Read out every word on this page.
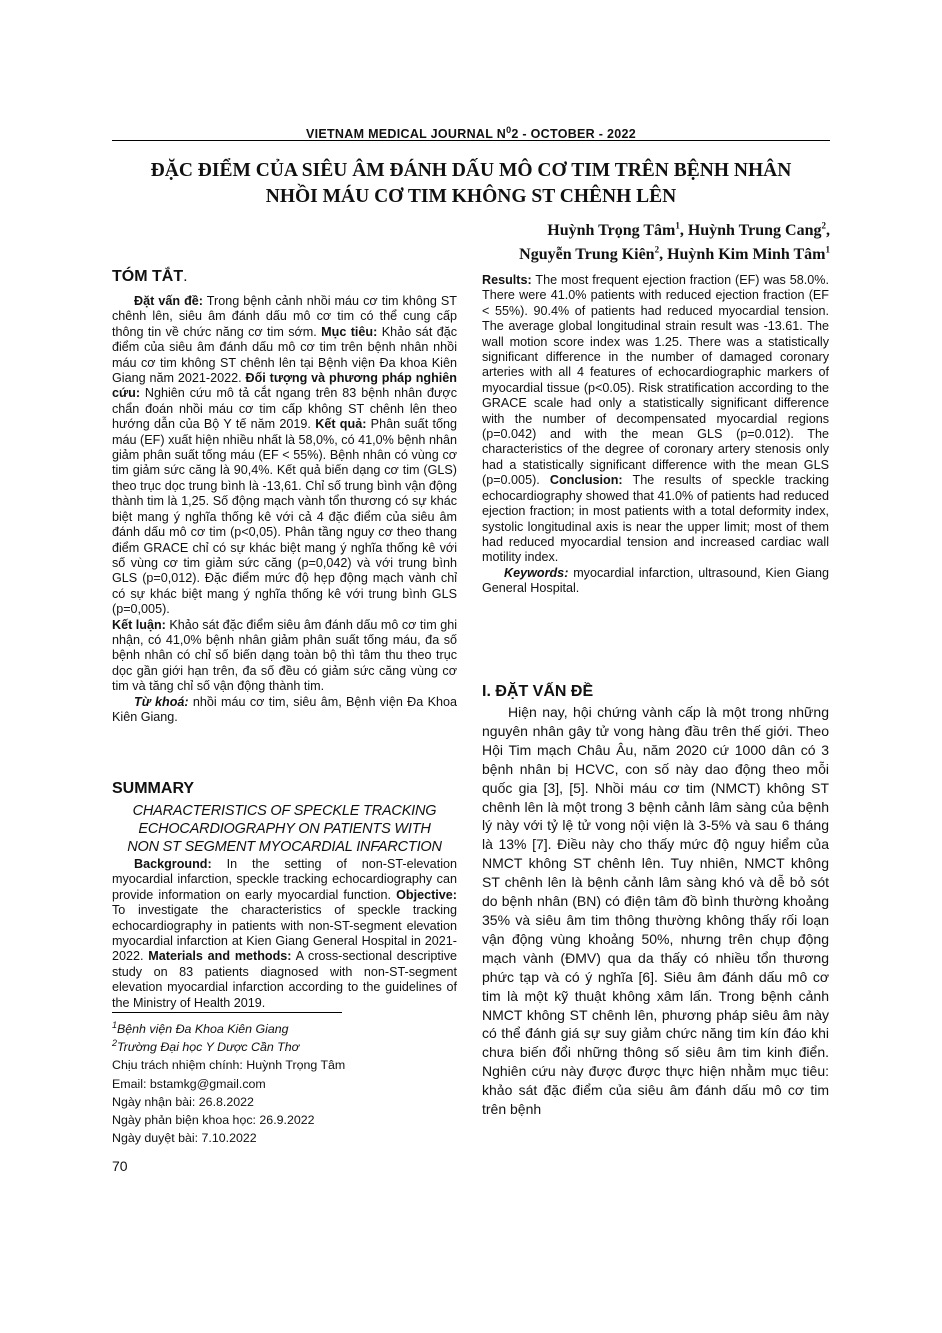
VIETNAM MEDICAL JOURNAL $N^02$ - OCTOBER - 2022
ĐẶC ĐIỂM CỦA SIÊU ÂM ĐÁNH DẤU MÔ CƠ TIM TRÊN BỆNH NHÂN
NHỒI MÁU CƠ TIM KHÔNG ST CHÊNH LÊN
Huỳnh Trọng Tâm$^1$, Huỳnh Trung Cang$^2$,
Nguyễn Trung Kiên$^2$, Huỳnh Kim Minh Tâm$^1$
TÓM TẮT.

Đặt vấn đề: Trong bệnh cảnh nhồi máu cơ tim không ST chênh lên, siêu âm đánh dấu mô cơ tim có thể cung cấp thông tin về chức năng cơ tim sớm. Mục tiêu: Khảo sát đặc điểm của siêu âm đánh dấu mô cơ tim trên bệnh nhân nhồi máu cơ tim không ST chênh lên tại Bệnh viện Đa khoa Kiên Giang năm 2021-2022. Đối tượng và phương pháp nghiên cứu: Nghiên cứu mô tả cắt ngang trên 83 bệnh nhân được chẩn đoán nhồi máu cơ tim cấp không ST chênh lên theo hướng dẫn của Bộ Y tế năm 2019. Kết quả: Phân suất tống máu (EF) xuất hiện nhiều nhất là 58,0%, có 41,0% bệnh nhân giảm phân suất tống máu (EF < 55%). Bệnh nhân có vùng cơ tim giảm sức căng là 90,4%. Kết quả biến dạng cơ tim (GLS) theo trục dọc trung bình là -13,61. Chỉ số trung bình vận động thành tim là 1,25. Số động mạch vành tổn thương có sự khác biệt mang ý nghĩa thống kê với cả 4 đặc điểm của siêu âm đánh dấu mô cơ tim (p<0,05). Phân tầng nguy cơ theo thang điểm GRACE chỉ có sự khác biệt mang ý nghĩa thống kê với số vùng cơ tim giảm sức căng (p=0,042) và với trung bình GLS (p=0,012). Đặc điểm mức độ hẹp động mạch vành chỉ có sự khác biệt mang ý nghĩa thống kê với trung bình GLS (p=0,005).

Kết luận: Khảo sát đặc điểm siêu âm đánh dấu mô cơ tim ghi nhận, có 41,0% bệnh nhân giảm phân suất tống máu, đa số bệnh nhân có chỉ số biến dạng toàn bộ thì tâm thu theo trục dọc gần giới hạn trên, đa số đều có giảm sức căng vùng cơ tim và tăng chỉ số vận động thành tim.

Từ khoá: nhồi máu cơ tim, siêu âm, Bệnh viện Đa Khoa Kiên Giang.

SUMMARY
CHARACTERISTICS OF SPECKLE TRACKING
ECHOCARDIOGRAPHY ON PATIENTS WITH
NON ST SEGMENT MYOCARDIAL INFARCTION

Background: In the setting of non-ST-elevation myocardial infarction, speckle tracking echocardiography can provide information on early myocardial function. Objective: To investigate the characteristics of speckle tracking echocardiography in patients with non-ST-segment elevation myocardial infarction at Kien Giang General Hospital in 2021-2022. Materials and methods: A cross-sectional descriptive study on 83 patients diagnosed with non-ST-segment elevation myocardial infarction according to the guidelines of the Ministry of Health 2019.

Results: The most frequent ejection fraction (EF) was 58.0%. There were 41.0% patients with reduced ejection fraction (EF < 55%). 90.4% of patients had reduced myocardial tension. The average global longitudinal strain result was -13.61. The wall motion score index was 1.25. There was a statistically significant difference in the number of damaged coronary arteries with all 4 features of echocardiographic markers of myocardial tissue (p<0.05). Risk stratification according to the GRACE scale had only a statistically significant difference with the number of decompensated myocardial regions (p=0.042) and with the mean GLS (p=0.012). The characteristics of the degree of coronary artery stenosis only had a statistically significant difference with the mean GLS (p=0.005). Conclusion: The results of speckle tracking echocardiography showed that 41.0% of patients had reduced ejection fraction; in most patients with a total deformity index, systolic longitudinal axis is near the upper limit; most of them had reduced myocardial tension and increased cardiac wall motility index.

Keywords: myocardial infarction, ultrasound, Kien Giang General Hospital.

I. ĐẶT VẤN ĐỀ

Hiện nay, hội chứng vành cấp là một trong những nguyên nhân gây tử vong hàng đầu trên thế giới. Theo Hội Tim mạch Châu Âu, năm 2020 cứ 1000 dân có 3 bệnh nhân bị HCVC, con số này dao động theo mỗi quốc gia [3], [5]. Nhồi máu cơ tim (NMCT) không ST chênh lên là một trong 3 bệnh cảnh lâm sàng của bệnh lý này với tỷ lệ tử vong nội viện là 3-5% và sau 6 tháng là 13% [7]. Điều này cho thấy mức độ nguy hiểm của NMCT không ST chênh lên. Tuy nhiên, NMCT không ST chênh lên là bệnh cảnh lâm sàng khó và dễ bỏ sót do bệnh nhân (BN) có điện tâm đồ bình thường khoảng 35% và siêu âm tim thông thường không thấy rối loạn vận động vùng khoảng 50%, nhưng trên chụp động mạch vành (ĐMV) qua da thấy có nhiều tổn thương phức tạp và có ý nghĩa [6]. Siêu âm đánh dấu mô cơ tim là một kỹ thuật không xâm lấn. Trong bệnh cảnh NMCT không ST chênh lên, phương pháp siêu âm này có thể đánh giá sự suy giảm chức năng tim kín đáo khi chưa biến đổi những thông số siêu âm tim kinh điển. Nghiên cứu này được được thực hiện nhằm mục tiêu: khảo sát đặc điểm của siêu âm đánh dấu mô cơ tim trên bệnh

$^1$Bệnh viện Đa Khoa Kiên Giang
$^2$Trường Đại học Y Dược Cần Thơ
Chịu trách nhiệm chính: Huỳnh Trọng Tâm
Email: bstamkg@gmail.com
Ngày nhận bài: 26.8.2022
Ngày phản biện khoa học: 26.9.2022
Ngày duyệt bài: 7.10.2022
70
